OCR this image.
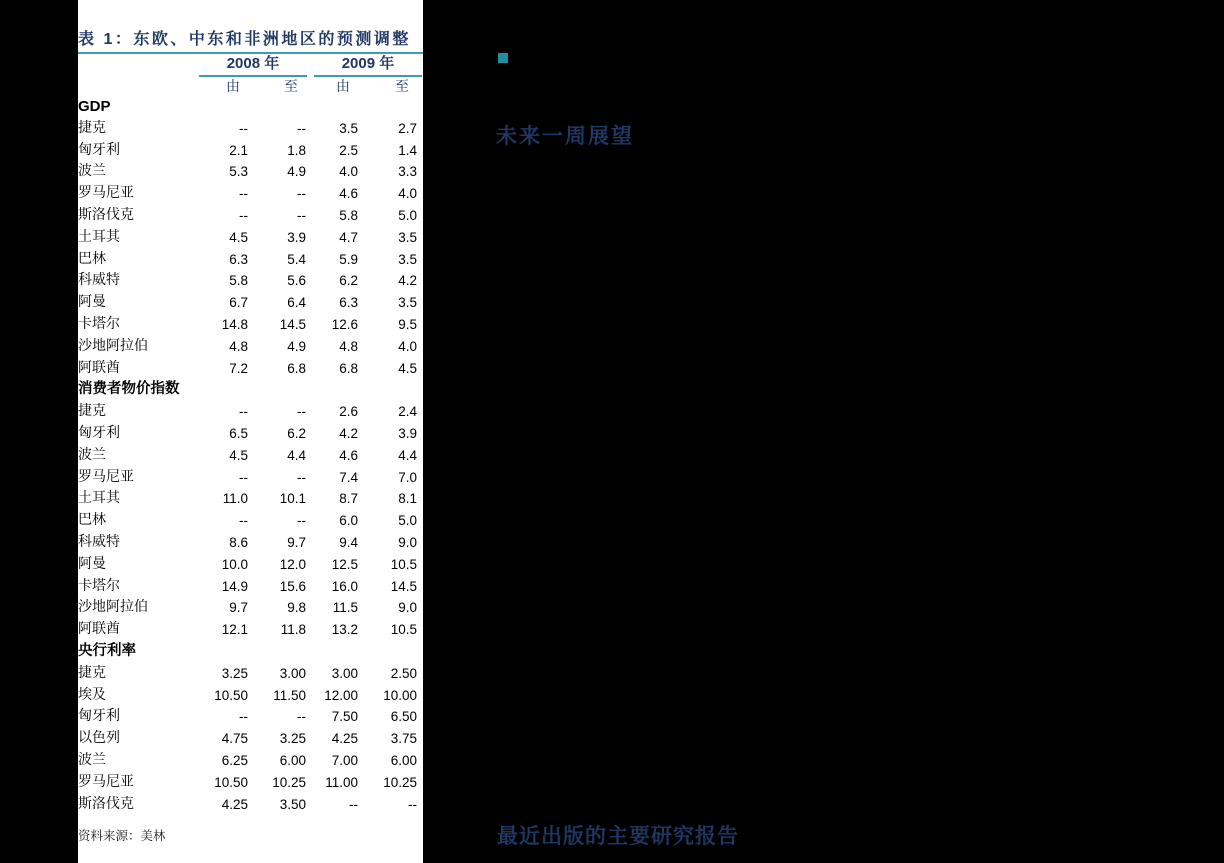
表 1：东欧、中东和非洲地区的预测调整
2008 年	2009 年
由	至	由	至
GDP
捷克	--	--	3.5	2.7
匈牙利	2.1	1.8	2.5	1.4
波兰	5.3	4.9	4.0	3.3
罗马尼亚	--	--	4.6	4.0
斯洛伐克	--	--	5.8	5.0
土耳其	4.5	3.9	4.7	3.5
巴林	6.3	5.4	5.9	3.5
科威特	5.8	5.6	6.2	4.2
阿曼	6.7	6.4	6.3	3.5
卡塔尔	14.8	14.5	12.6	9.5
沙地阿拉伯	4.8	4.9	4.8	4.0
阿联酋	7.2	6.8	6.8	4.5
消费者物价指数
捷克	--	--	2.6	2.4
匈牙利	6.5	6.2	4.2	3.9
波兰	4.5	4.4	4.6	4.4
罗马尼亚	--	--	7.4	7.0
土耳其	11.0	10.1	8.7	8.1
巴林	--	--	6.0	5.0
科威特	8.6	9.7	9.4	9.0
阿曼	10.0	12.0	12.5	10.5
卡塔尔	14.9	15.6	16.0	14.5
沙地阿拉伯	9.7	9.8	11.5	9.0
阿联酋	12.1	11.8	13.2	10.5
央行利率
捷克	3.25	3.00	3.00	2.50
埃及	10.50	11.50	12.00	10.00
匈牙利	--	--	7.50	6.50
以色列	4.75	3.25	4.25	3.75
波兰	6.25	6.00	7.00	6.00
罗马尼亚	10.50	10.25	11.00	10.25
斯洛伐克	4.25	3.50	--	--
资料来源：美林
未来一周展望
最近出版的主要研究报告
